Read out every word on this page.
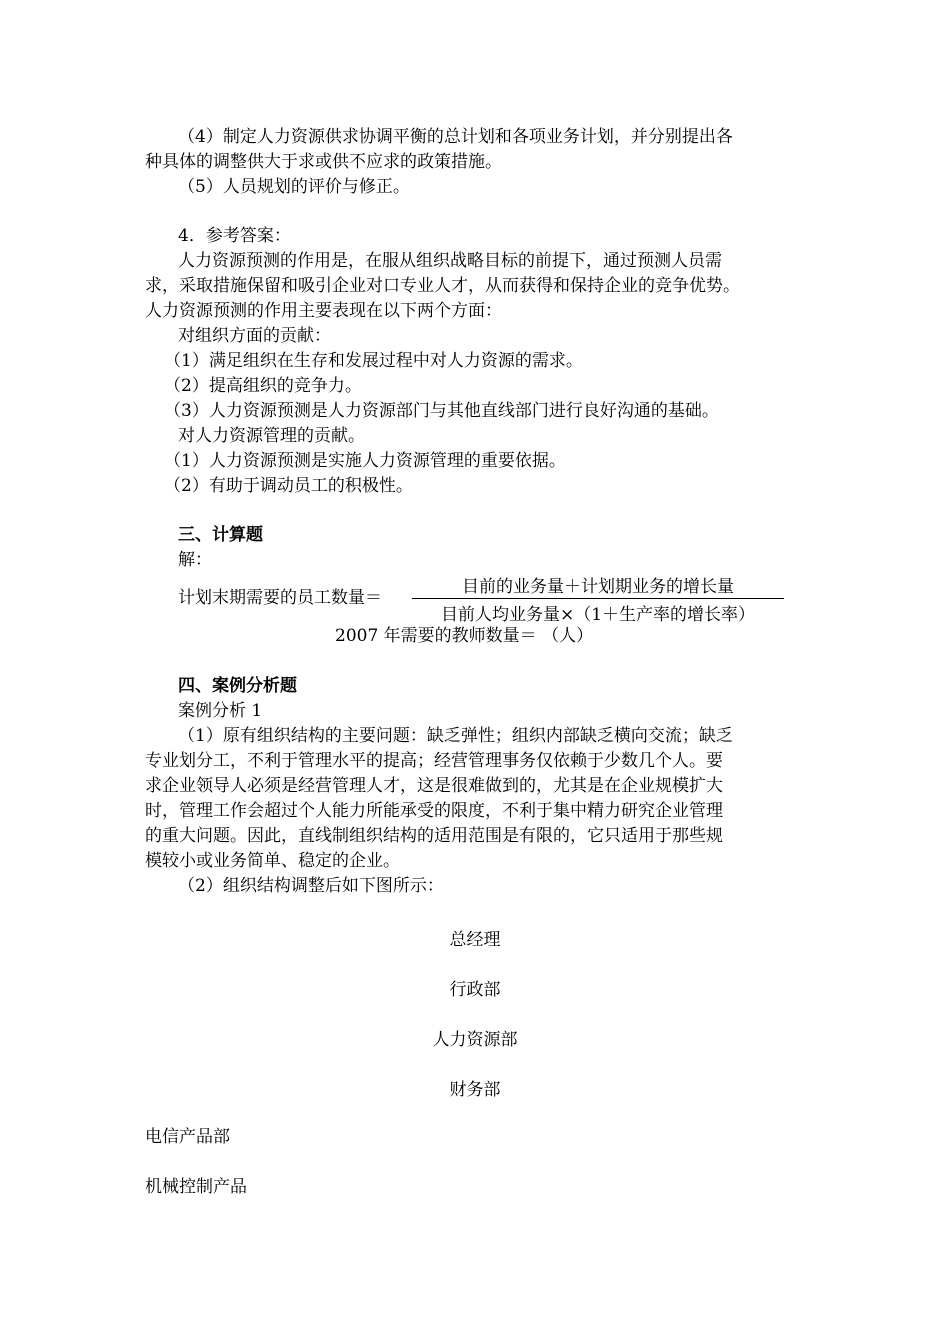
（4）制定人力资源供求协调平衡的总计划和各项业务计划，并分别提出各
种具体的调整供大于求或供不应求的政策措施。
（5）人员规划的评价与修正。
4．参考答案：
人力资源预测的作用是，在服从组织战略目标的前提下，通过预测人员需
求，采取措施保留和吸引企业对口专业人才，从而获得和保持企业的竞争优势。
人力资源预测的作用主要表现在以下两个方面：
对组织方面的贡献：
（1）满足组织在生存和发展过程中对人力资源的需求。
（2）提高组织的竞争力。
（3）人力资源预测是人力资源部门与其他直线部门进行良好沟通的基础。
对人力资源管理的贡献。
（1）人力资源预测是实施人力资源管理的重要依据。
（2）有助于调动员工的积极性。
三、计算题
解：
计划末期需要的员工数量＝
目前的业务量＋计划期业务的增长量
目前人均业务量×（1＋生产率的增长率）
2007 年需要的教师数量＝ （人）
四、案例分析题
案例分析 1
（1）原有组织结构的主要问题：缺乏弹性；组织内部缺乏横向交流；缺乏
专业划分工，不利于管理水平的提高；经营管理事务仅依赖于少数几个人。要
求企业领导人必须是经营管理人才，这是很难做到的，尤其是在企业规模扩大
时，管理工作会超过个人能力所能承受的限度，不利于集中精力研究企业管理
的重大问题。因此，直线制组织结构的适用范围是有限的，它只适用于那些规
模较小或业务简单、稳定的企业。
（2）组织结构调整后如下图所示：
总经理
行政部
人力资源部
财务部
电信产品部
机械控制产品
